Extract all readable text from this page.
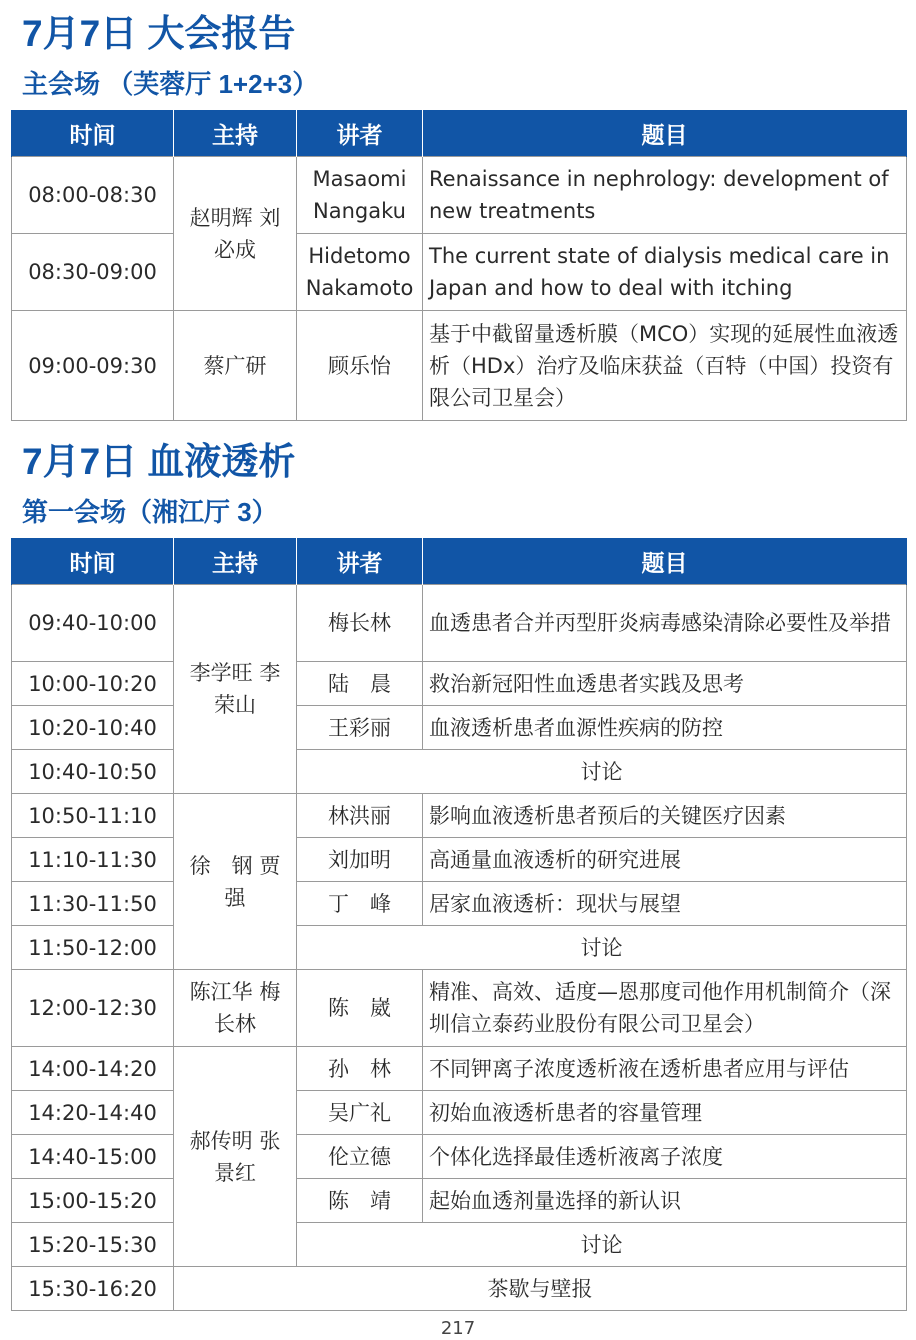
7月7日 大会报告
主会场 （芙蓉厅 1+2+3）
时间	主持	讲者	题目
08:00-08:30	赵明辉 刘必成	Masaomi Nangaku	Renaissance in nephrology: development of new treatments
08:30-09:00		Hidetomo Nakamoto	The current state of dialysis medical care in Japan and how to deal with itching
09:00-09:30	蔡广研	顾乐怡	基于中截留量透析膜（MCO）实现的延展性血液透析（HDx）治疗及临床获益（百特（中国）投资有限公司卫星会）
7月7日 血液透析
第一会场（湘江厅 3）
时间	主持	讲者	题目
09:40-10:00	李学旺 李荣山	梅长林	血透患者合并丙型肝炎病毒感染清除必要性及举措
10:00-10:20		陆　晨	救治新冠阳性血透患者实践及思考
10:20-10:40		王彩丽	血液透析患者血源性疾病的防控
10:40-10:50		讨论	
10:50-11:10	徐　钢 贾　强	林洪丽	影响血液透析患者预后的关键医疗因素
11:10-11:30		刘加明	高通量血液透析的研究进展
11:30-11:50		丁　峰	居家血液透析：现状与展望
11:50-12:00		讨论	
12:00-12:30	陈江华 梅长林	陈　崴	精准、高效、适度—恩那度司他作用机制简介（深圳信立泰药业股份有限公司卫星会）
14:00-14:20	郝传明 张景红	孙　林	不同钾离子浓度透析液在透析患者应用与评估
14:20-14:40		吴广礼	初始血液透析患者的容量管理
14:40-15:00		伦立德	个体化选择最佳透析液离子浓度
15:00-15:20		陈　靖	起始血透剂量选择的新认识
15:20-15:30		讨论	
15:30-16:20	茶歇与壁报		
217
